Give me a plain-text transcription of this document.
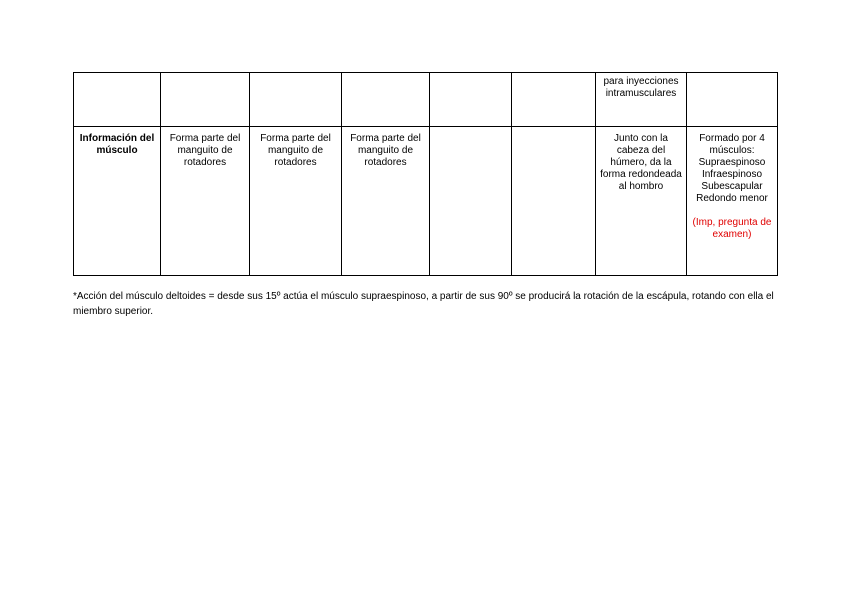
						para inyecciones intramusculares	
Información del músculo	Forma parte del manguito de rotadores	Forma parte del manguito de rotadores	Forma parte del manguito de rotadores			Junto con la cabeza del húmero, da la forma redondeada al hombro	Formado por 4 músculos: Supraespinoso Infraespinoso Subescapular Redondo menor
(Imp, pregunta de examen)
*Acción del músculo deltoides = desde sus 15º actúa el músculo supraespinoso, a partir de sus 90º se producirá la rotación de la escápula, rotando con ella el miembro superior.
